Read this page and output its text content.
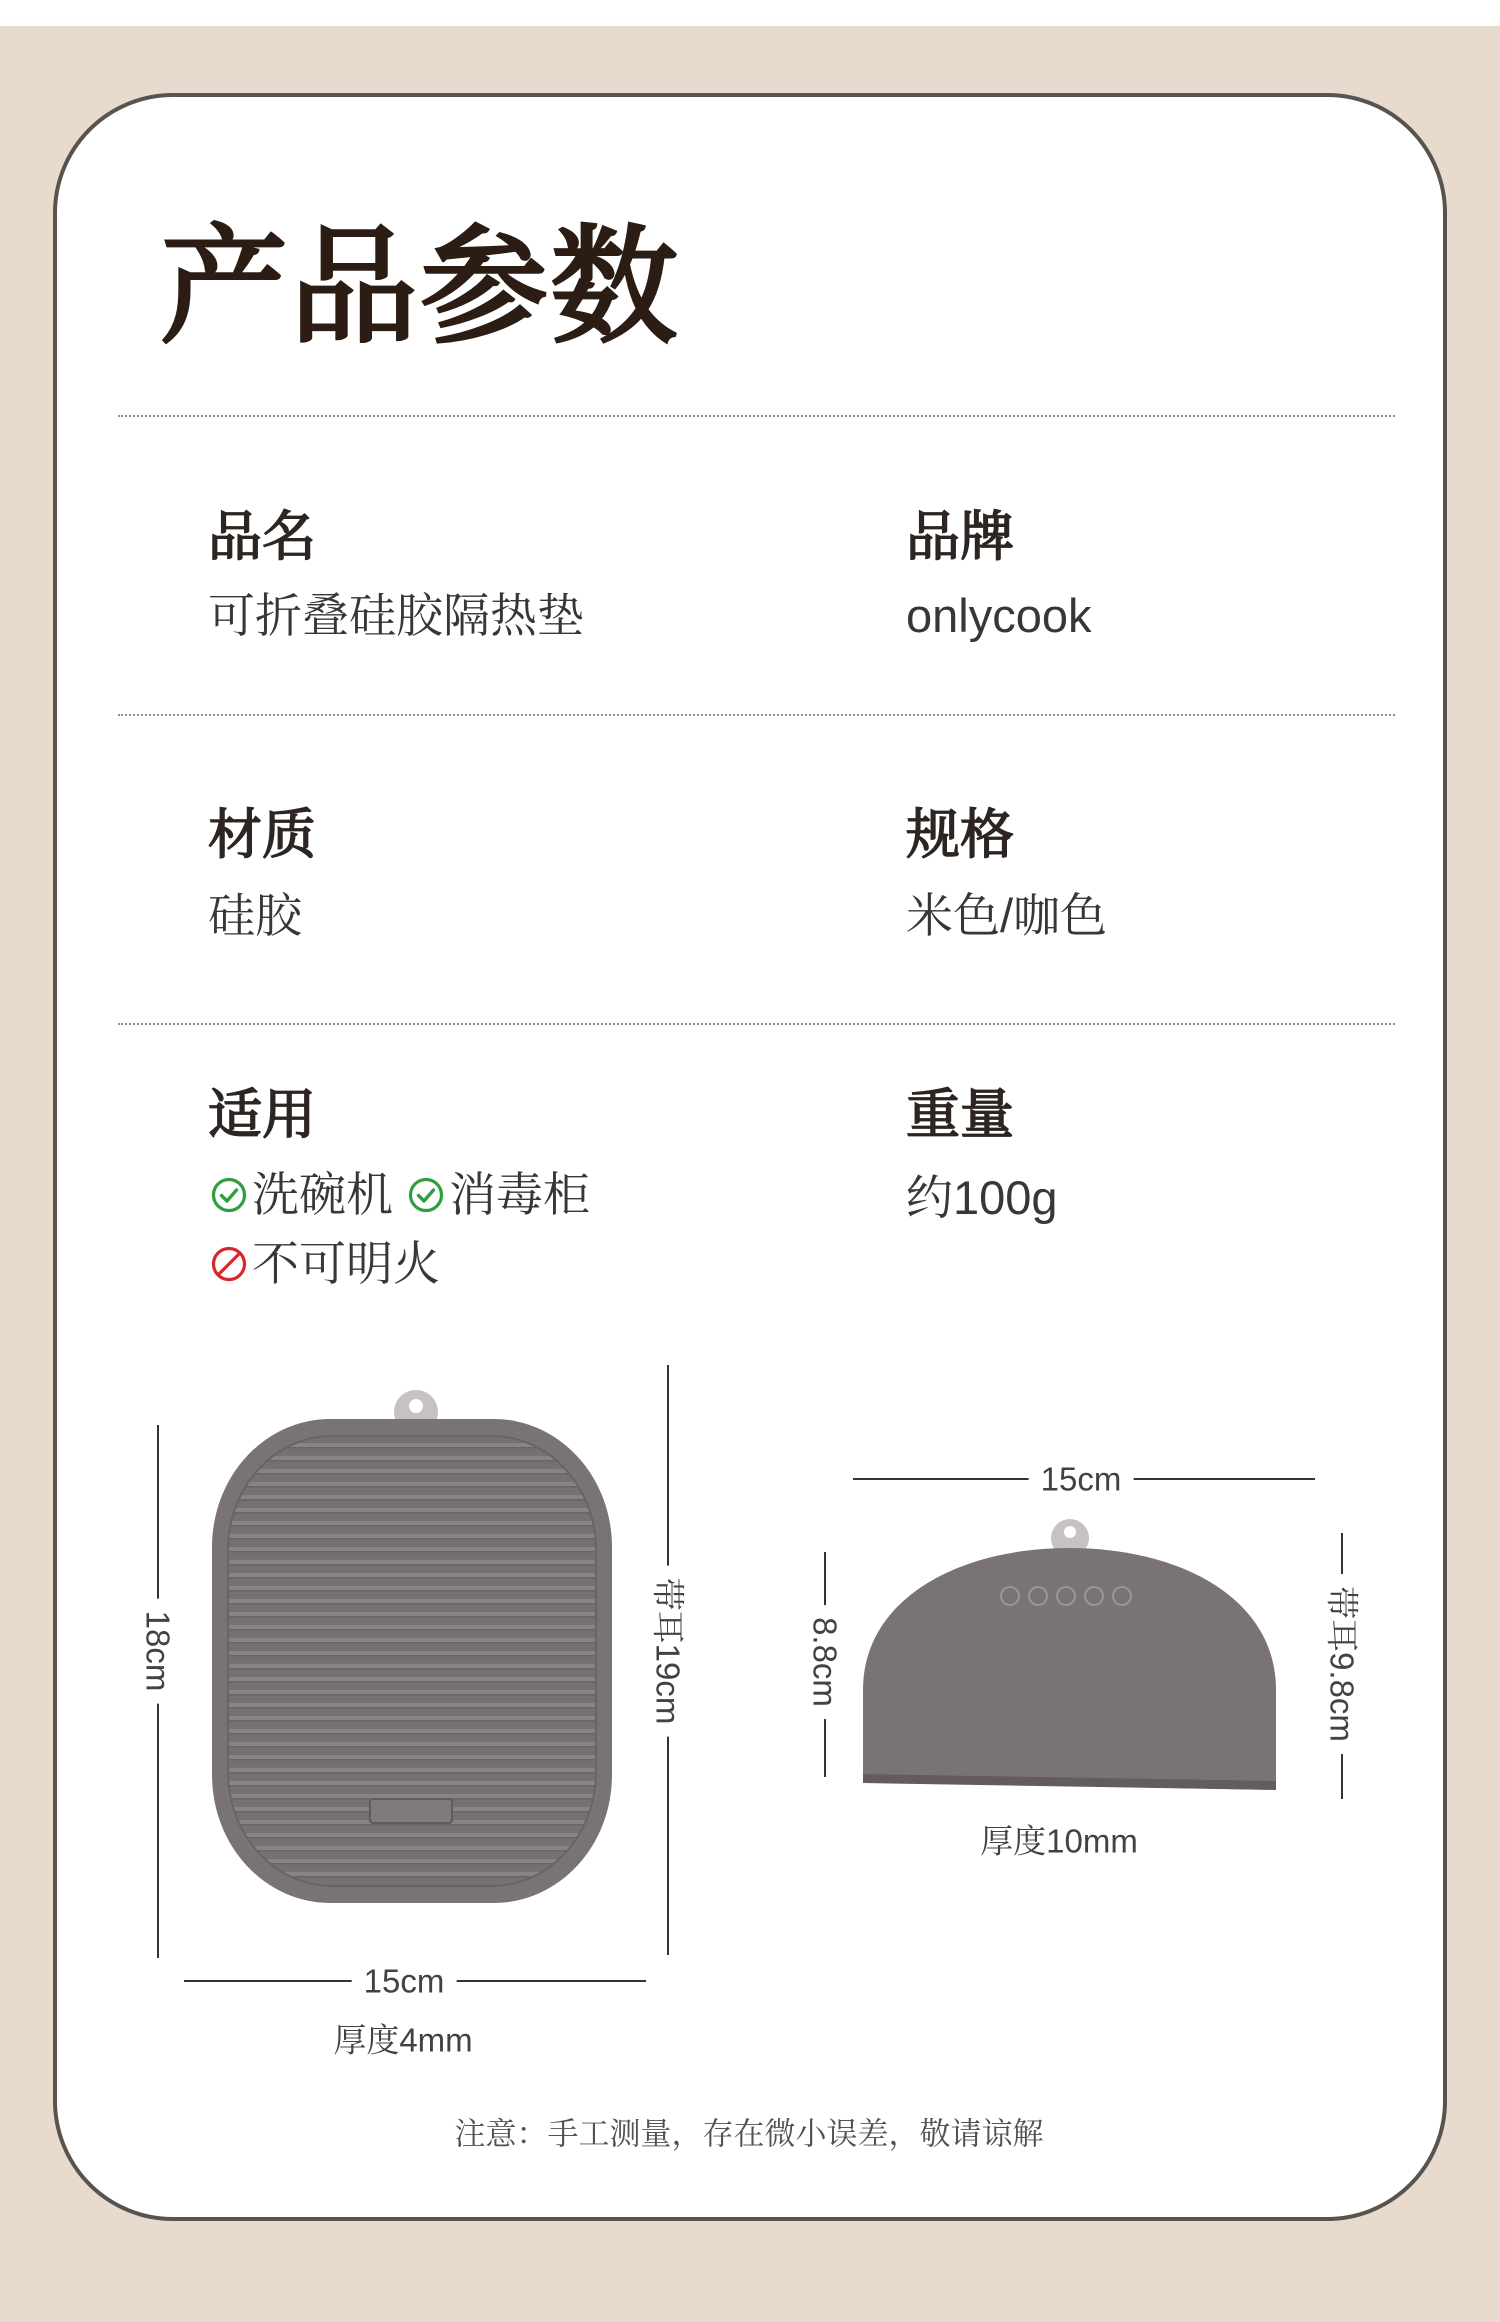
产品参数
品名
可折叠硅胶隔热垫
品牌
onlycook
材质
硅胶
规格
米色/咖色
适用
洗碗机 消毒柜
不可明火
重量
约100g
18cm	带耳19cm
15cm
厚度4mm
15cm
8.8cm	带耳9.8cm
厚度10mm
注意：手工测量，存在微小误差，敬请谅解
